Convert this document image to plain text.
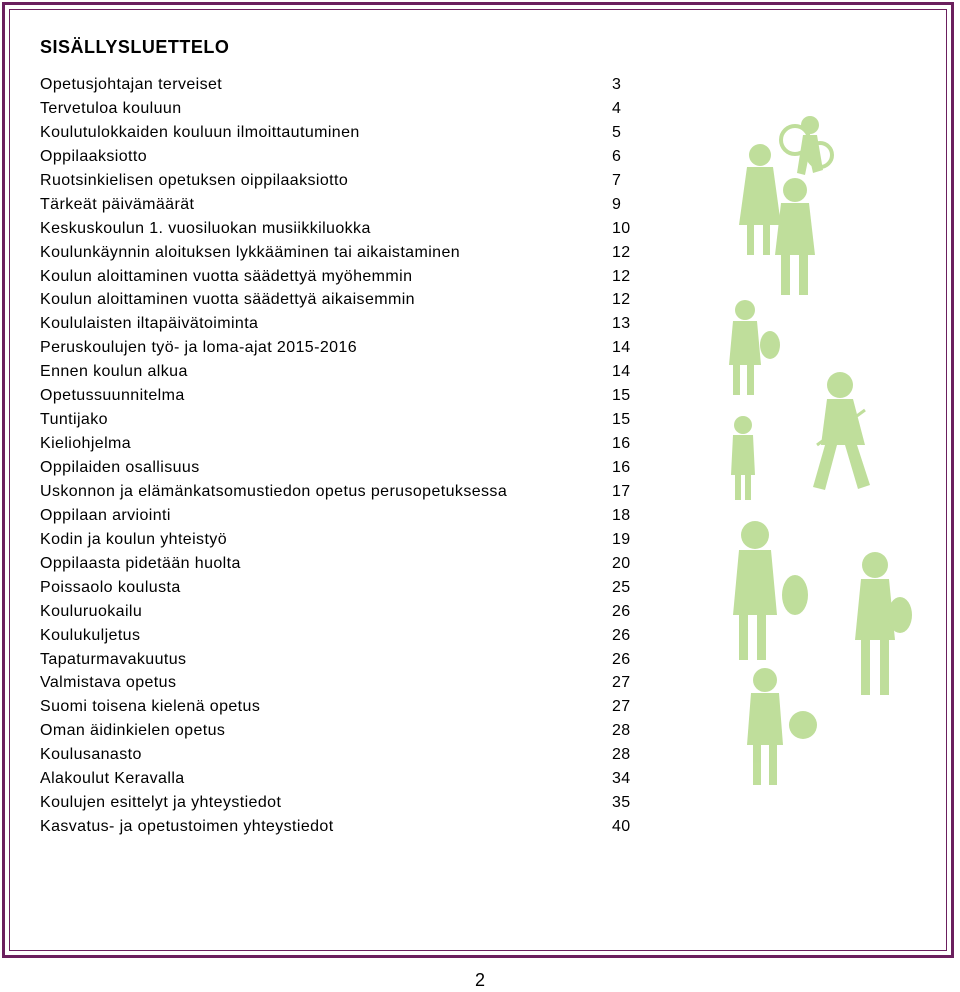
SISÄLLYSLUETTELO
Opetusjohtajan terveiset	3
Tervetuloa kouluun	4
Koulutulokkaiden kouluun ilmoittautuminen	5
Oppilaaksiotto	6
Ruotsinkielisen opetuksen oippilaaksiotto	7
Tärkeät päivämäärät	9
Keskuskoulun 1. vuosiluokan musiikkiluokka	10
Koulunkäynnin aloituksen lykkääminen tai aikaistaminen	12
Koulun aloittaminen vuotta säädettyä myöhemmin	12
Koulun aloittaminen vuotta säädettyä aikaisemmin	12
Koululaisten iltapäivätoiminta	13
Peruskoulujen työ- ja loma-ajat 2015-2016	14
Ennen koulun alkua	14
Opetussuunnitelma	15
Tuntijako	15
Kieliohjelma	16
Oppilaiden osallisuus	16
Uskonnon ja elämänkatsomustiedon opetus perusopetuksessa	17
Oppilaan arviointi	18
Kodin ja koulun yhteistyö	19
Oppilaasta pidetään huolta	20
Poissaolo koulusta	25
Kouluruokailu	26
Koulukuljetus	26
Tapaturmavakuutus	26
Valmistava opetus	27
Suomi toisena kielenä opetus	27
Oman äidinkielen opetus	28
Koulusanasto	28
Alakoulut Keravalla	34
Koulujen esittelyt ja yhteystiedot	35
Kasvatus- ja opetustoimen yhteystiedot	40
2
